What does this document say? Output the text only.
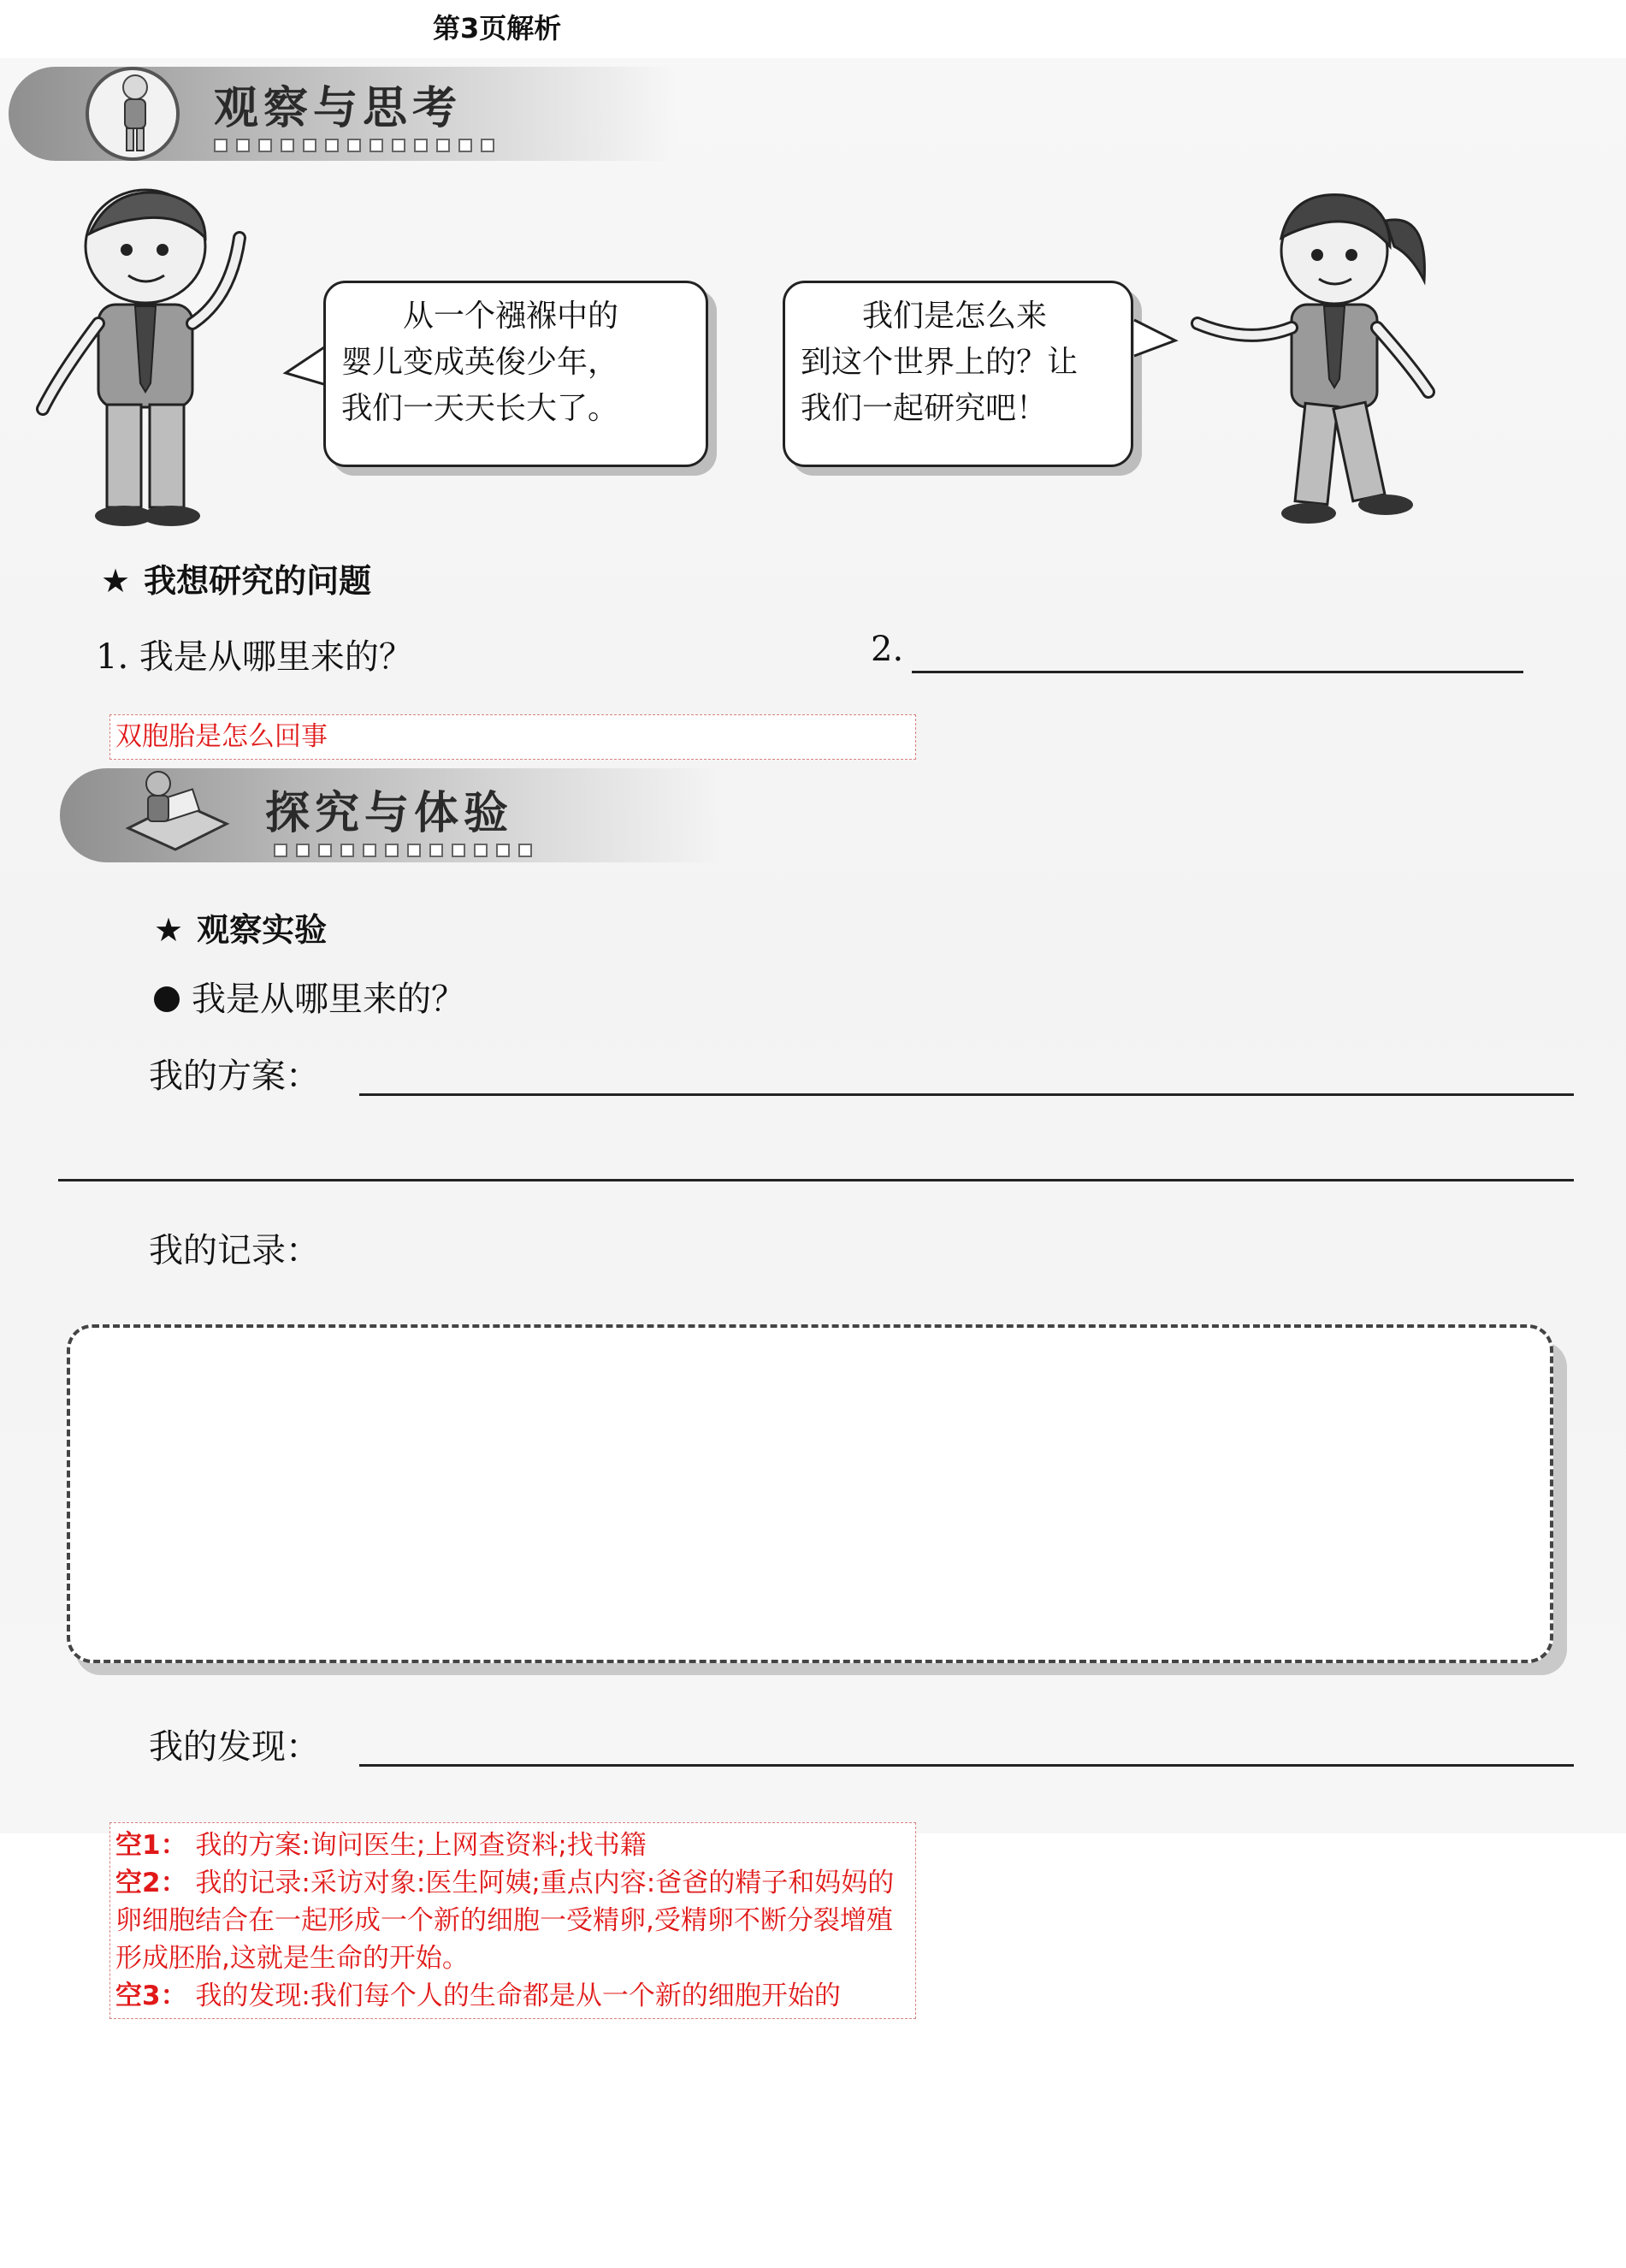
第3页解析
观察与思考

从一个襁褓中的

婴儿变成英俊少年，

我们一天天长大了。

我们是怎么来

到这个世界上的？让

我们一起研究吧！

★ 我想研究的问题
1. 我是从哪里来的？	2.
探究与体验
★ 观察实验
我是从哪里来的？
我的方案：
我的记录：
我的发现：
双胞胎是怎么回事

空1： 我的方案:询问医生;上网查资料;找书籍

空2： 我的记录:采访对象:医生阿姨;重点内容:爸爸的精子和妈妈的卵细胞结合在一起形成一个新的细胞一受精卵,受精卵不断分裂增殖形成胚胎,这就是生命的开始。

空3： 我的发现:我们每个人的生命都是从一个新的细胞开始的
